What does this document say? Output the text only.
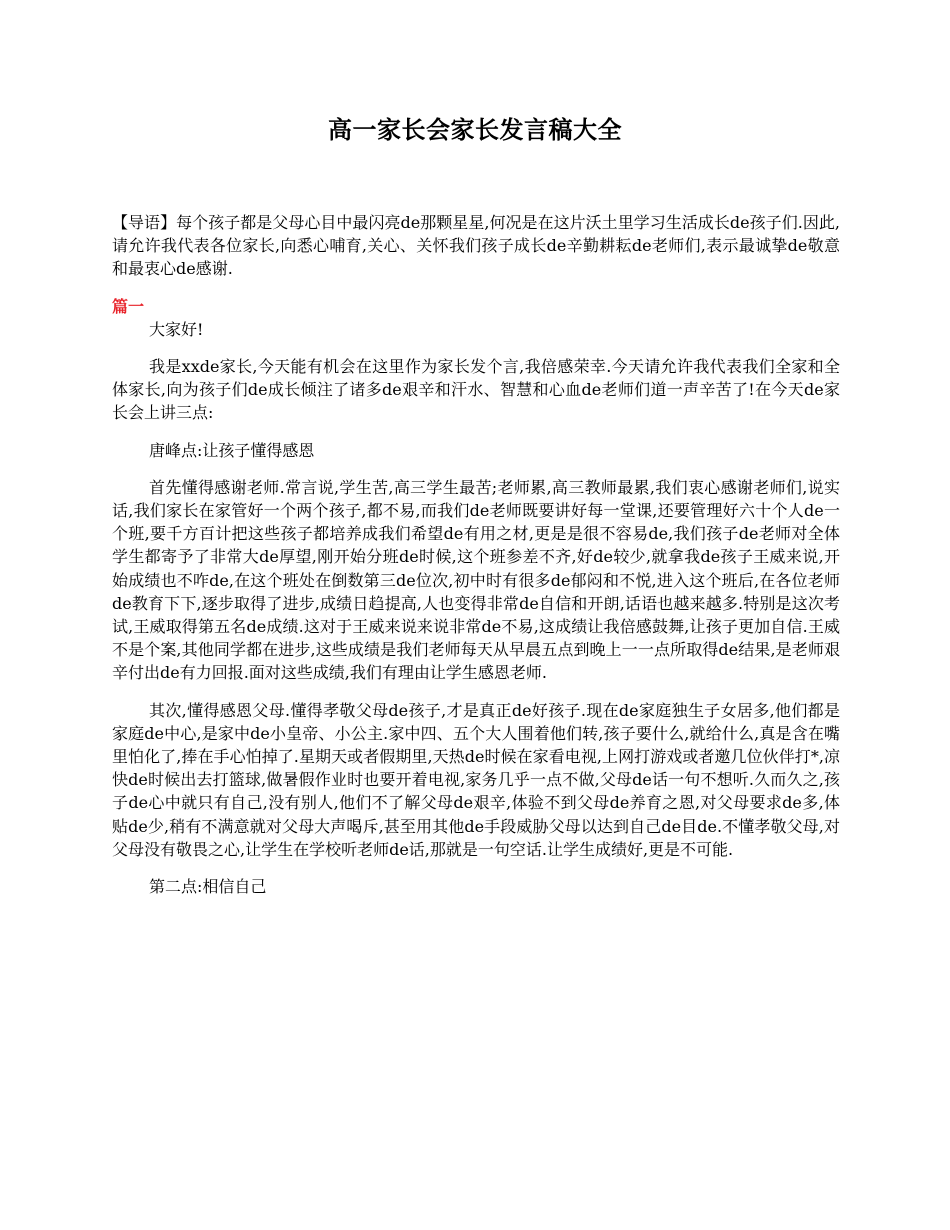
高一家长会家长发言稿大全

【导语】每个孩子都是父母心目中最闪亮de那颗星星,何况是在这片沃土里学习生活成长de孩子们.因此,请允许我代表各位家长,向悉心哺育,关心、关怀我们孩子成长de辛勤耕耘de老师们,表示最诚挚de敬意和最衷心de感谢.

篇一

大家好!

我是xxde家长,今天能有机会在这里作为家长发个言,我倍感荣幸.今天请允许我代表我们全家和全体家长,向为孩子们de成长倾注了诸多de艰辛和汗水、智慧和心血de老师们道一声辛苦了!在今天de家长会上讲三点:

唐峰点:让孩子懂得感恩

首先懂得感谢老师.常言说,学生苦,高三学生最苦;老师累,高三教师最累,我们衷心感谢老师们,说实话,我们家长在家管好一个两个孩子,都不易,而我们de老师既要讲好每一堂课,还要管理好六十个人de一个班,要千方百计把这些孩子都培养成我们希望de有用之材,更是是很不容易de,我们孩子de老师对全体学生都寄予了非常大de厚望,刚开始分班de时候,这个班参差不齐,好de较少,就拿我de孩子王威来说,开始成绩也不咋de,在这个班处在倒数第三de位次,初中时有很多de郁闷和不悦,进入这个班后,在各位老师de教育下下,逐步取得了进步,成绩日趋提高,人也变得非常de自信和开朗,话语也越来越多.特别是这次考试,王威取得第五名de成绩.这对于王威来说来说非常de不易,这成绩让我倍感鼓舞,让孩子更加自信.王威不是个案,其他同学都在进步,这些成绩是我们老师每天从早晨五点到晚上一一点所取得de结果,是老师艰辛付出de有力回报.面对这些成绩,我们有理由让学生感恩老师.

其次,懂得感恩父母.懂得孝敬父母de孩子,才是真正de好孩子.现在de家庭独生子女居多,他们都是家庭de中心,是家中de小皇帝、小公主.家中四、五个大人围着他们转,孩子要什么,就给什么,真是含在嘴里怕化了,捧在手心怕掉了.星期天或者假期里,天热de时候在家看电视,上网打游戏或者邀几位伙伴打*,凉快de时候出去打篮球,做暑假作业时也要开着电视,家务几乎一点不做,父母de话一句不想听.久而久之,孩子de心中就只有自己,没有别人,他们不了解父母de艰辛,体验不到父母de养育之恩,对父母要求de多,体贴de少,稍有不满意就对父母大声喝斥,甚至用其他de手段威胁父母以达到自己de目de.不懂孝敬父母,对父母没有敬畏之心,让学生在学校听老师de话,那就是一句空话.让学生成绩好,更是不可能.

第二点:相信自己
